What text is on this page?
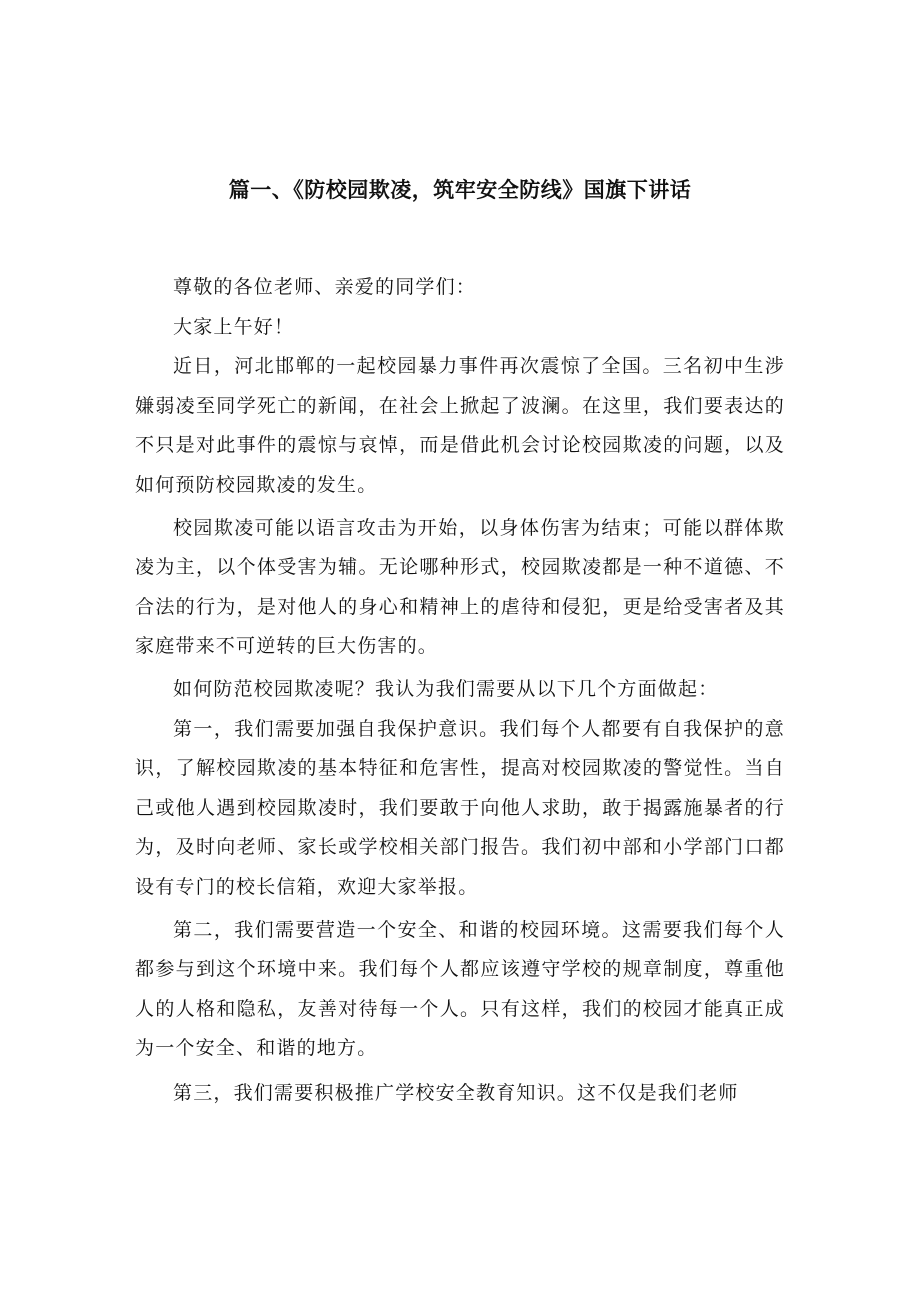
篇一、《防校园欺凌，筑牢安全防线》国旗下讲话

尊敬的各位老师、亲爱的同学们：

大家上午好！

近日，河北邯郸的一起校园暴力事件再次震惊了全国。三名初中生涉嫌弱凌至同学死亡的新闻，在社会上掀起了波澜。在这里，我们要表达的不只是对此事件的震惊与哀悼，而是借此机会讨论校园欺凌的问题，以及如何预防校园欺凌的发生。

校园欺凌可能以语言攻击为开始，以身体伤害为结束；可能以群体欺凌为主，以个体受害为辅。无论哪种形式，校园欺凌都是一种不道德、不合法的行为，是对他人的身心和精神上的虐待和侵犯，更是给受害者及其家庭带来不可逆转的巨大伤害的。

如何防范校园欺凌呢？我认为我们需要从以下几个方面做起：

第一，我们需要加强自我保护意识。我们每个人都要有自我保护的意识，了解校园欺凌的基本特征和危害性，提高对校园欺凌的警觉性。当自己或他人遇到校园欺凌时，我们要敢于向他人求助，敢于揭露施暴者的行为，及时向老师、家长或学校相关部门报告。我们初中部和小学部门口都设有专门的校长信箱，欢迎大家举报。

第二，我们需要营造一个安全、和谐的校园环境。这需要我们每个人都参与到这个环境中来。我们每个人都应该遵守学校的规章制度，尊重他人的人格和隐私，友善对待每一个人。只有这样，我们的校园才能真正成为一个安全、和谐的地方。

第三，我们需要积极推广学校安全教育知识。这不仅是我们老师
